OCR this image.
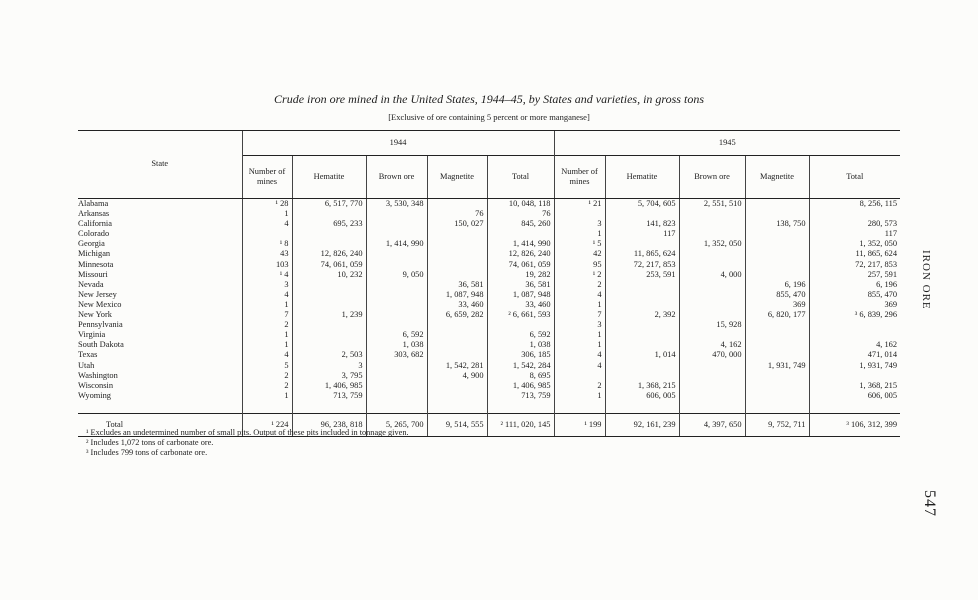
Crude iron ore mined in the United States, 1944–45, by States and varieties, in gross tons
[Exclusive of ore containing 5 percent or more manganese]
State	1944					1945				
	Number of mines	Hematite	Brown ore	Magnetite	Total	Number of mines	Hematite	Brown ore	Magnetite	Total
Alabama	¹ 28	6, 517, 770	3, 530, 348		10, 048, 118	¹ 21	5, 704, 605	2, 551, 510		8, 256, 115
Arkansas	1			76	76					
California	4	695, 233		150, 027	845, 260	3	141, 823		138, 750	280, 573
Colorado						1	117			117
Georgia	¹ 8		1, 414, 990		1, 414, 990	¹ 5		1, 352, 050		1, 352, 050
Michigan	43	12, 826, 240			12, 826, 240	42	11, 865, 624			11, 865, 624
Minnesota	103	74, 061, 059			74, 061, 059	95	72, 217, 853			72, 217, 853
Missouri	¹ 4	10, 232	9, 050		19, 282	¹ 2	253, 591	4, 000		257, 591
Nevada	3			36, 581	36, 581	2			6, 196	6, 196
New Jersey	4			1, 087, 948	1, 087, 948	4			855, 470	855, 470
New Mexico	1			33, 460	33, 460	1			369	369
New York	7	1, 239		6, 659, 282	² 6, 661, 593	7	2, 392		6, 820, 177	³ 6, 839, 296
Pennsylvania	2					3		15, 928		
Virginia	1		6, 592		6, 592	1				
South Dakota	1		1, 038		1, 038	1		4, 162		4, 162
Texas	4	2, 503	303, 682		306, 185	4	1, 014	470, 000		471, 014
Utah	5	3		1, 542, 281	1, 542, 284	4			1, 931, 749	1, 931, 749
Washington	2	3, 795		4, 900	8, 695					
Wisconsin	2	1, 406, 985			1, 406, 985	2	1, 368, 215			1, 368, 215
Wyoming	1	713, 759			713, 759	1	606, 005			606, 005

Total	¹ 224	96, 238, 818	5, 265, 700	9, 514, 555	² 111, 020, 145	¹ 199	92, 161, 239	4, 397, 650	9, 752, 711	³ 106, 312, 399
¹ Excludes an undetermined number of small pits. Output of these pits included in tonnage given.
² Includes 1,072 tons of carbonate ore.
³ Includes 799 tons of carbonate ore.
IRON ORE
547
